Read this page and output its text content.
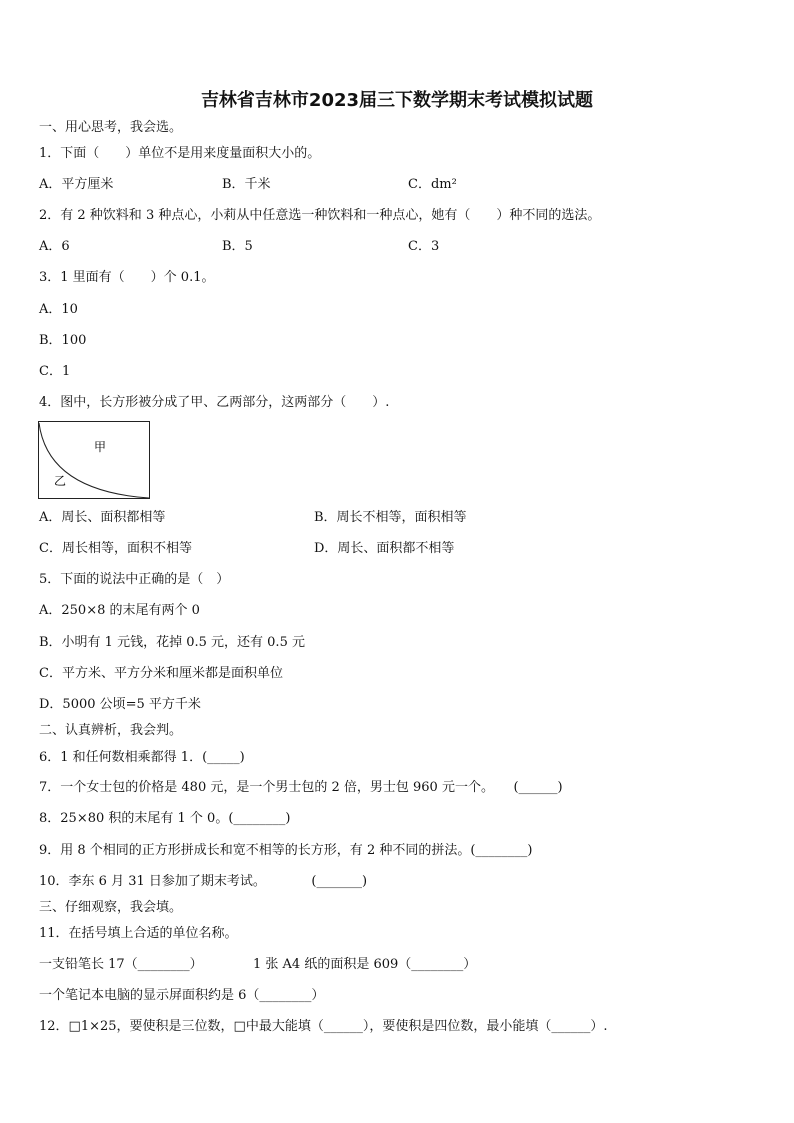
吉林省吉林市2023届三下数学期末考试模拟试题
一、用心思考，我会选。
1．下面（　　）单位不是用来度量面积大小的。
A．平方厘米	B．千米	C．dm²
2．有 2 种饮料和 3 种点心，小莉从中任意选一种饮料和一种点心，她有（　　）种不同的选法。
A．6	B．5	C．3
3．1 里面有（　　）个 0.1。
A．10
B．100
C．1
4．图中，长方形被分成了甲、乙两部分，这两部分（　　）.
甲
乙
A．周长、面积都相等	B．周长不相等，面积相等
C．周长相等，面积不相等	D．周长、面积都不相等
5．下面的说法中正确的是（　）
A．250×8 的末尾有两个 0
B．小明有 1 元钱，花掉 0.5 元，还有 0.5 元
C．平方米、平方分米和厘米都是面积单位
D．5000 公顷=5 平方千米
二、认真辨析，我会判。
6．1 和任何数相乘都得 1．(_____)
7．一个女士包的价格是 480 元，是一个男士包的 2 倍，男士包 960 元一个。　　(______)
8．25×80 积的末尾有 1 个 0。(________)
9．用 8 个相同的正方形拼成长和宽不相等的长方形，有 2 种不同的拼法。(________)
10．李东 6 月 31 日参加了期末考试。　　　　(_______)
三、仔细观察，我会填。
11．在括号填上合适的单位名称。
一支铅笔长 17（________）	1 张 A4 纸的面积是 609（________）
一个笔记本电脑的显示屏面积约是 6（________）
12．□1×25，要使积是三位数，□中最大能填（______），要使积是四位数，最小能填（______）.
